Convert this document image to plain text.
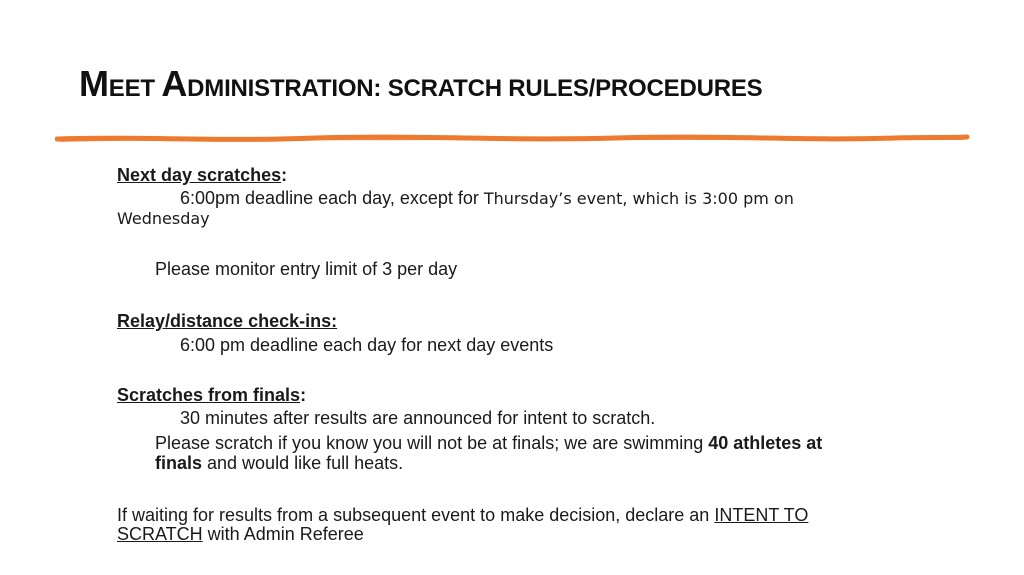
MEET ADMINISTRATION: SCRATCH RULES/PROCEDURES
Next day scratches:
6:00pm deadline each day, except for Thursday’s event, which is 3:00 pm on
Wednesday
Please monitor entry limit of 3 per day
Relay/distance check-ins:
6:00 pm deadline each day for next day events
Scratches from finals:
30 minutes after results are announced for intent to scratch.
Please scratch if you know you will not be at finals; we are swimming 40 athletes at
finals and would like full heats.
If waiting for results from a subsequent event to make decision, declare an INTENT TO
SCRATCH with Admin Referee
